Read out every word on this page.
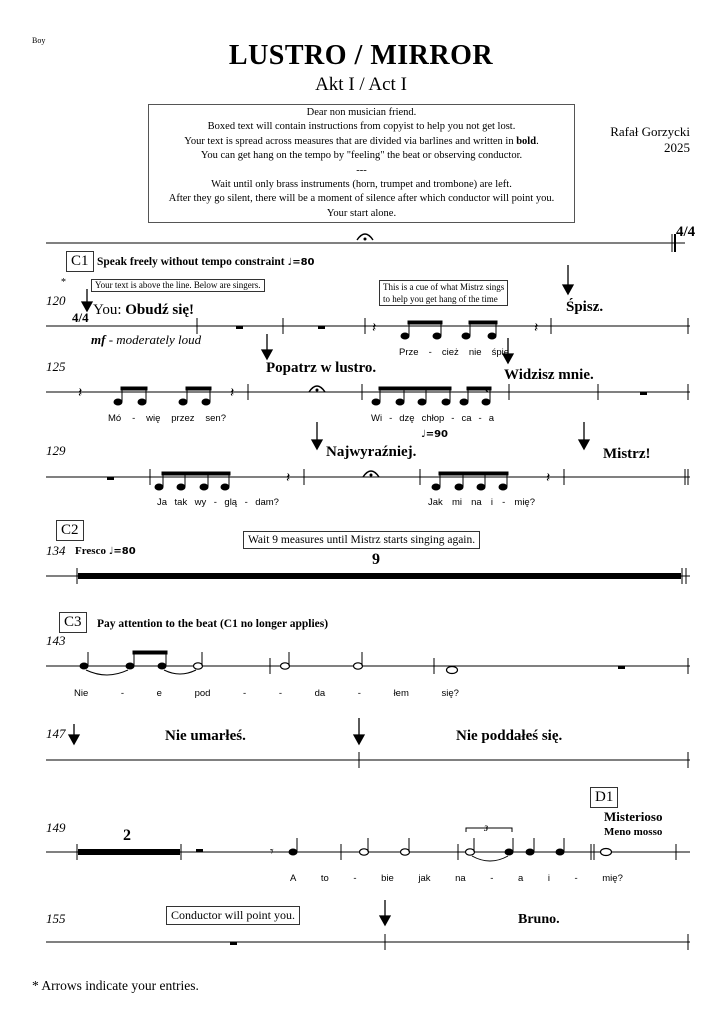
Boy	LUSTRO / MIRROR
Akt I / Act I
Rafał Gorzycki
2025
Dear non musician friend.
Boxed text will contain instructions from copyist to help you not get lost.
Your text is spread across measures that are divided via barlines and written in bold.
You can get hang on the tempo by "feeling" the beat or observing conductor.
---
Wait until only brass instruments (horn, trumpet and trombone) are left.
After they go silent, there will be a moment of silence after which conductor will point you.
Your start alone.
𝄽	𝄽
𝄽	𝄽
𝄽	𝄽
𝄾
4/4
C1 Speak freely without tempo constraint ♩=80
*	Your text is above the line. Below are singers.	This is a cue of what Mistrz sings
to help you get hang of the time
120
You: Obudź się!	Śpisz.
4/4
mf - moderately loud
Prze - cież nie śpię
125	Popatrz w lustro.	Widzisz mnie.
Mó - wię przez sen?	Wi - dzę chłop - ca - a
♩=90
129	Najwyraźniej.	Mistrz!
Ja tak wy - glą - dam?	Jak mi na i - mię?
C2
134 Fresco ♩=80
Wait 9 measures until Mistrz starts singing again.
9
C3	Pay attention to the beat (C1 no longer applies)
143
Nie	-	e	pod	-	-	da	-	łem	się?
147	Nie umarłeś.	Nie poddałeś się.
149	2	3
A	to	-	bie	jak	na	-	a	i	-	mię?
D1
Misterioso
Meno mosso
155	Conductor will point you.	Bruno.
* Arrows indicate your entries.
